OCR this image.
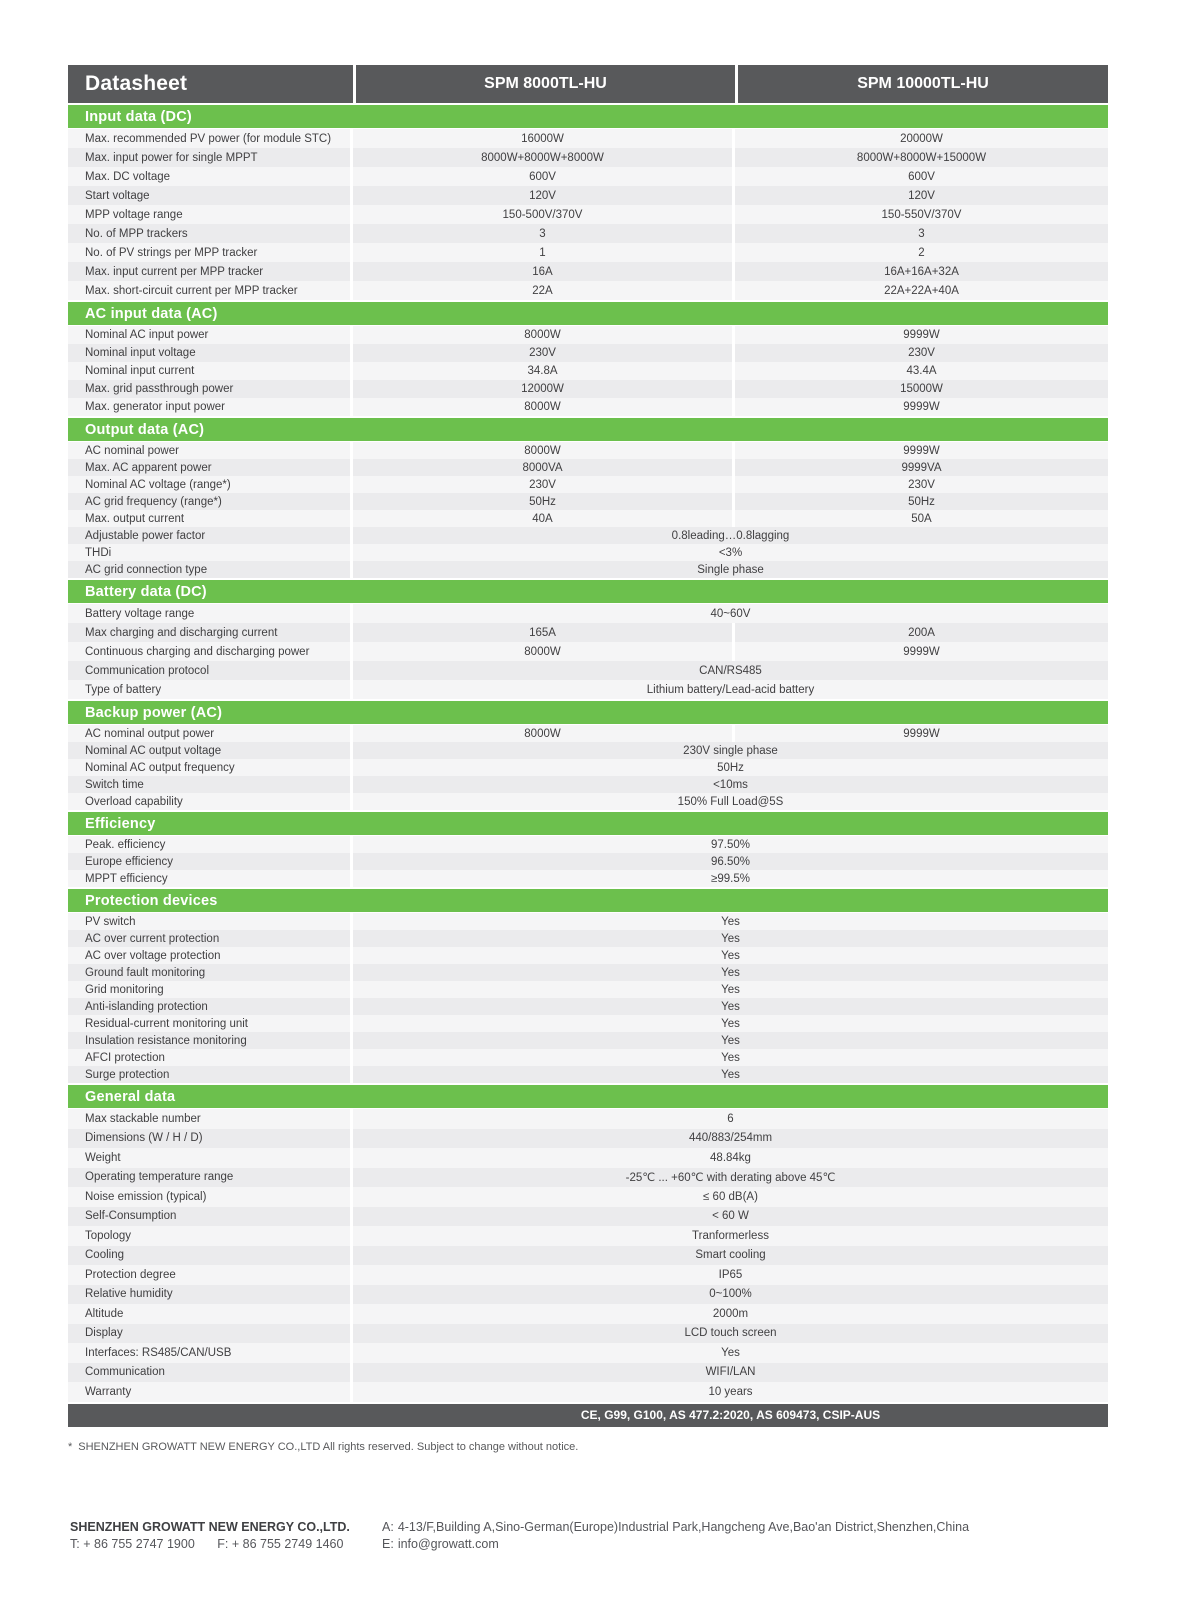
Datasheet	SPM 8000TL-HU	SPM 10000TL-HU
Input data (DC)
Max. recommended PV power (for module STC)	16000W	20000W
Max. input power for single MPPT	8000W+8000W+8000W	8000W+8000W+15000W
Max. DC voltage	600V	600V
Start voltage	120V	120V
MPP voltage range	150-500V/370V	150-550V/370V
No. of MPP trackers	3	3
No. of PV strings per MPP tracker	1	2
Max. input current per MPP tracker	16A	16A+16A+32A
Max. short-circuit current per MPP tracker	22A	22A+22A+40A
AC input data (AC)
Nominal AC input power	8000W	9999W
Nominal input voltage	230V	230V
Nominal input current	34.8A	43.4A
Max. grid passthrough power	12000W	15000W
Max. generator input power	8000W	9999W
Output data (AC)
AC nominal power	8000W	9999W
Max. AC apparent power	8000VA	9999VA
Nominal AC voltage (range*)	230V	230V
AC grid frequency (range*)	50Hz	50Hz
Max. output current	40A	50A
Adjustable power factor	0.8leading…0.8lagging
THDi	<3%
AC grid connection type	Single phase
Battery data (DC)
Battery voltage range	40~60V
Max charging and discharging current	165A	200A
Continuous charging and discharging power	8000W	9999W
Communication protocol	CAN/RS485
Type of battery	Lithium battery/Lead-acid battery
Backup power (AC)
AC nominal output power	8000W	9999W
Nominal AC output voltage	230V single phase
Nominal AC output frequency	50Hz
Switch time	<10ms
Overload capability	150% Full Load@5S
Efficiency
Peak. efficiency	97.50%
Europe efficiency	96.50%
MPPT efficiency	≥99.5%
Protection devices
PV switch	Yes
AC over current protection	Yes
AC over voltage protection	Yes
Ground fault monitoring	Yes
Grid monitoring	Yes
Anti-islanding protection	Yes
Residual-current monitoring unit	Yes
Insulation resistance monitoring	Yes
AFCI protection	Yes
Surge protection	Yes
General data
Max stackable number	6
Dimensions (W / H / D)	440/883/254mm
Weight	48.84kg
Operating temperature range	-25℃ ... +60℃ with derating above 45℃
Noise emission (typical)	≤ 60 dB(A)
Self-Consumption	< 60 W
Topology	Tranformerless
Cooling	Smart cooling
Protection degree	IP65
Relative humidity	0~100%
Altitude	2000m
Display	LCD touch screen
Interfaces: RS485/CAN/USB	Yes
Communication	WIFI/LAN
Warranty	10 years
CE, G99, G100, AS 477.2:2020, AS 609473, CSIP-AUS
* SHENZHEN GROWATT NEW ENERGY CO.,LTD All rights reserved. Subject to change without notice.
SHENZHEN GROWATT NEW ENERGY CO.,LTD.
T: + 86 755 2747 1900 F: + 86 755 2749 1460
A: 4-13/F,Building A,Sino-German(Europe)Industrial Park,Hangcheng Ave,Bao'an District,Shenzhen,China
E: info@growatt.com
